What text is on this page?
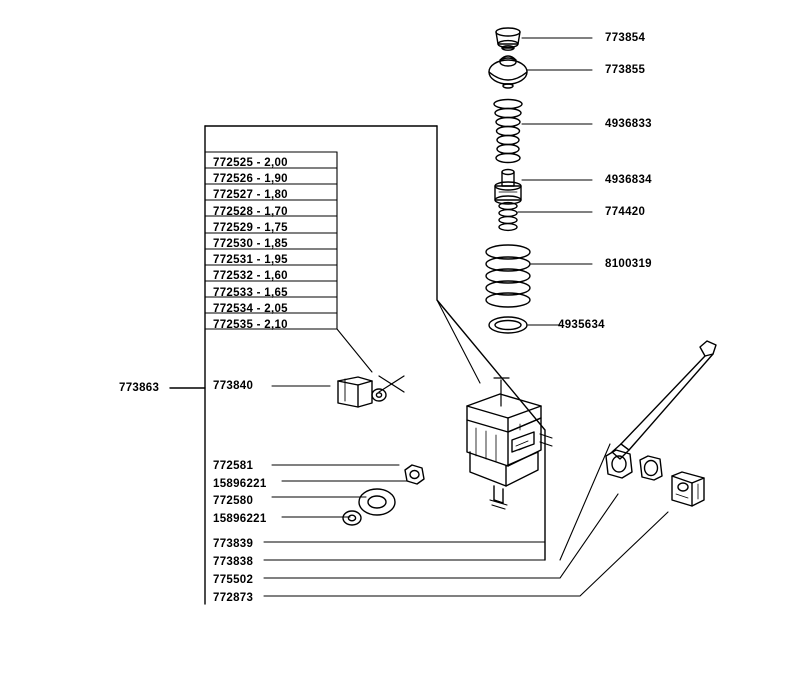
773854
773855
4936833
4936834
774420
8100319
4935634
773863
772525 - 2,00
772526 - 1,90
772527 - 1,80
772528 - 1,70
772529 - 1,75
772530 - 1,85
772531 - 1,95
772532 - 1,60
772533 - 1,65
772534 - 2,05
772535 - 2,10
773840
772581
15896221
772580
15896221
773839
773838
775502
772873
